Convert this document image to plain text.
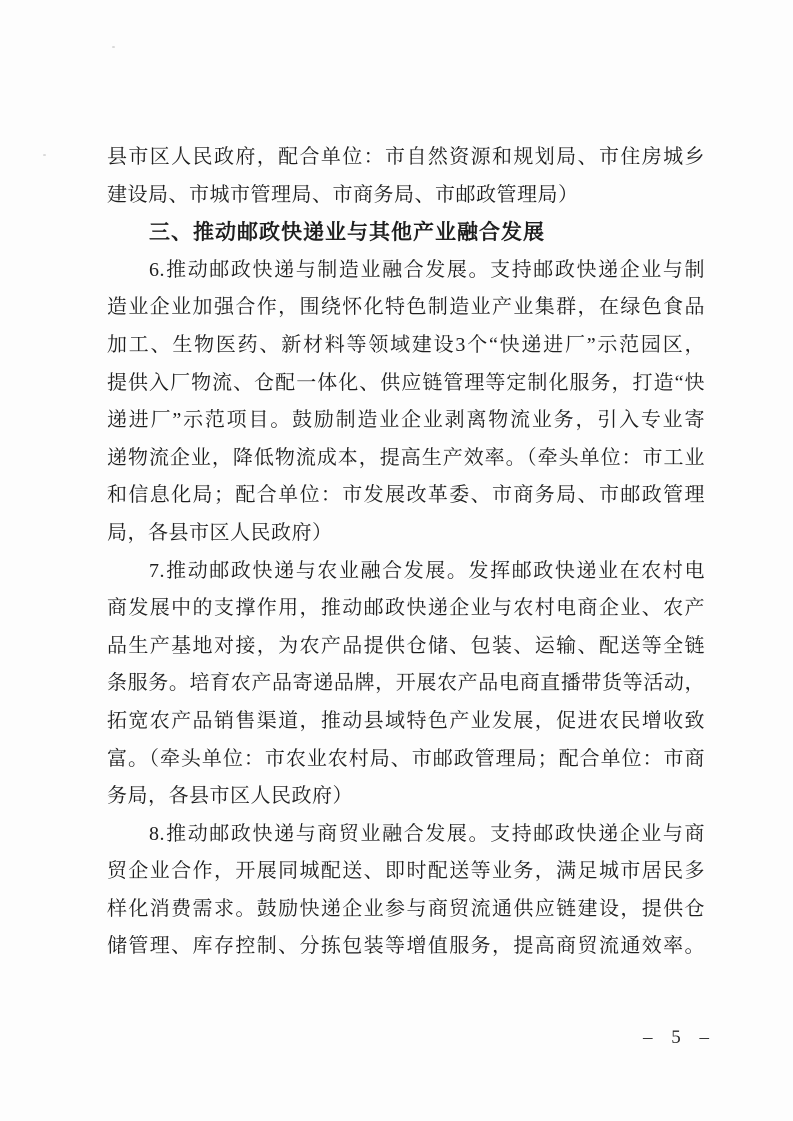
县市区人民政府，配合单位：市自然资源和规划局、市住房城乡
建设局、市城市管理局、市商务局、市邮政管理局）
三、推动邮政快递业与其他产业融合发展
6.推动邮政快递与制造业融合发展。支持邮政快递企业与制
造业企业加强合作，围绕怀化特色制造业产业集群，在绿色食品
加工、生物医药、新材料等领域建设3个“快递进厂”示范园区，
提供入厂物流、仓配一体化、供应链管理等定制化服务，打造“快
递进厂”示范项目。鼓励制造业企业剥离物流业务，引入专业寄
递物流企业，降低物流成本，提高生产效率。（牵头单位：市工业
和信息化局；配合单位：市发展改革委、市商务局、市邮政管理
局，各县市区人民政府）
7.推动邮政快递与农业融合发展。发挥邮政快递业在农村电
商发展中的支撑作用，推动邮政快递企业与农村电商企业、农产
品生产基地对接，为农产品提供仓储、包装、运输、配送等全链
条服务。培育农产品寄递品牌，开展农产品电商直播带货等活动，
拓宽农产品销售渠道，推动县域特色产业发展，促进农民增收致
富。（牵头单位：市农业农村局、市邮政管理局；配合单位：市商
务局，各县市区人民政府）
8.推动邮政快递与商贸业融合发展。支持邮政快递企业与商
贸企业合作，开展同城配送、即时配送等业务，满足城市居民多
样化消费需求。鼓励快递企业参与商贸流通供应链建设，提供仓
储管理、库存控制、分拣包装等增值服务，提高商贸流通效率。
– 5 –
